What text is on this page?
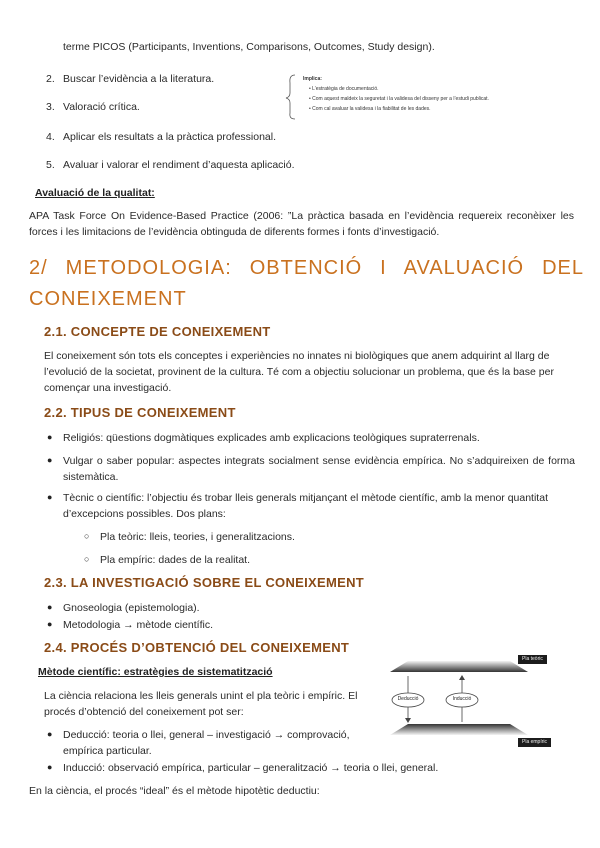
terme PICOS (Participants, Inventions, Comparisons, Outcomes, Study design).
2. Buscar l’evidència a la literatura.
3. Valoració crítica.
4. Aplicar els resultats a la pràctica professional.
5. Avaluar i valorar el rendiment d’aquesta aplicació.
Implica:
• L’estratègia de documentació.
• Com aquest maldeix la seguretat i la validesa del disseny per a l’estudi publicat.
• Com cal avaluar la validesa i la fiabilitat de les dades.
Avaluació de la qualitat:
APA Task Force On Evidence-Based Practice (2006: ”La pràctica basada en l’evidència requereix reconèixer les forces i les limitacions de l’evidència obtinguda de diferents formes i fonts d’investigació.
2/ METODOLOGIA: OBTENCIÓ I AVALUACIÓ DEL CONEIXEMENT
2.1. CONCEPTE DE CONEIXEMENT
El coneixement són tots els conceptes i experiències no innates ni biològiques que anem adquirint al llarg de l’evolució de la societat, provinent de la cultura. Té com a objectiu solucionar un problema, que és la base per començar una investigació.
2.2. TIPUS DE CONEIXEMENT
● Religiós: qüestions dogmàtiques explicades amb explicacions teològiques supraterrenals.
● Vulgar o saber popular: aspectes integrats socialment sense evidència empírica. No s’adquireixen de forma sistemàtica.
● Tècnic o científic: l’objectiu és trobar lleis generals mitjançant el mètode científic, amb la menor quantitat d’excepcions possibles. Dos plans:
○ Pla teòric: lleis, teories, i generalitzacions.
○ Pla empíric: dades de la realitat.
2.3. LA INVESTIGACIÓ SOBRE EL CONEIXEMENT
● Gnoseologia (epistemologia).
● Metodologia → mètode científic.
2.4. PROCÉS D’OBTENCIÓ DEL CONEIXEMENT
Mètode científic: estratègies de sistematització
La ciència relaciona les lleis generals unint el pla teòric i empíric. El procés d’obtenció del coneixement pot ser:
● Deducció: teoria o llei, general – investigació → comprovació, empírica particular.
● Inducció: observació empírica, particular – generalització → teoria o llei, general.
En la ciència, el procés “ideal” és el mètode hipotètic deductiu:
Deducció	Inducció
Pla teòric
Pla empíric
